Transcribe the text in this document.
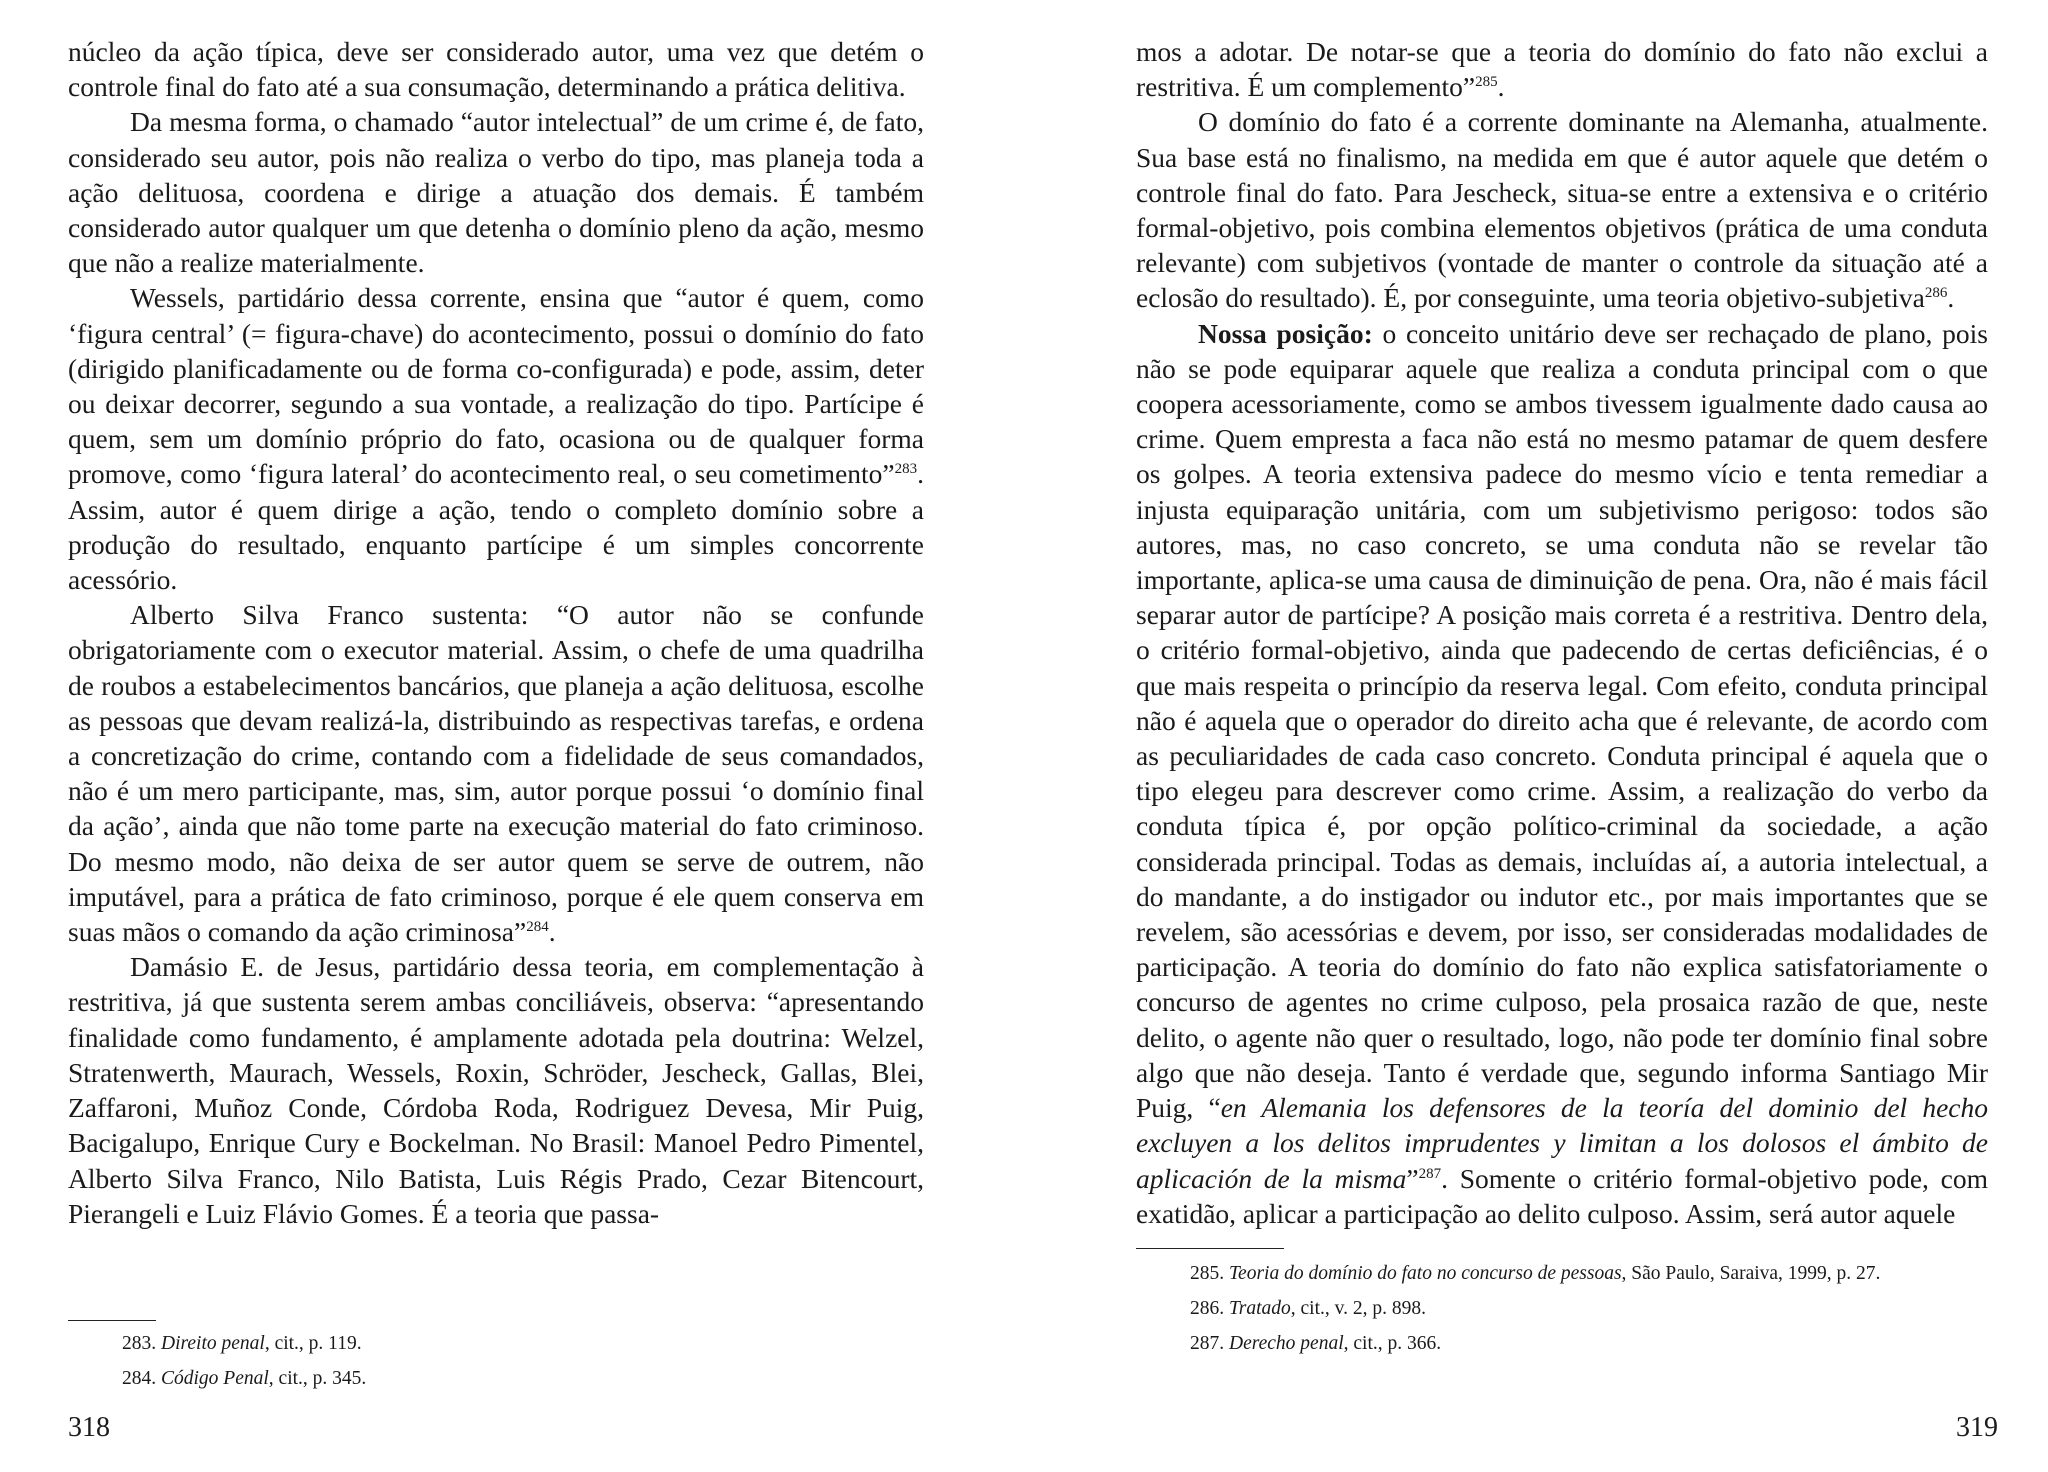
núcleo da ação típica, deve ser considerado autor, uma vez que detém o controle final do fato até a sua consumação, determinando a prática delitiva.

Da mesma forma, o chamado “autor intelectual” de um crime é, de fato, considerado seu autor, pois não realiza o verbo do tipo, mas planeja toda a ação delituosa, coordena e dirige a atuação dos demais. É também considerado autor qualquer um que detenha o domínio pleno da ação, mesmo que não a realize materialmente.

Wessels, partidário dessa corrente, ensina que “autor é quem, como ‘figura central’ (= figura-chave) do acontecimento, possui o domínio do fato (dirigido planificadamente ou de forma co-configurada) e pode, assim, deter ou deixar decorrer, segundo a sua vontade, a realização do tipo. Partícipe é quem, sem um domínio próprio do fato, ocasiona ou de qualquer forma promove, como ‘figura lateral’ do acontecimento real, o seu cometimento”$^{283}$. Assim, autor é quem dirige a ação, tendo o completo domínio sobre a produção do resultado, enquanto partícipe é um simples concorrente acessório.

Alberto Silva Franco sustenta: “O autor não se confunde obrigatoriamente com o executor material. Assim, o chefe de uma quadrilha de roubos a estabelecimentos bancários, que planeja a ação delituosa, escolhe as pessoas que devam realizá-la, distribuindo as respectivas tarefas, e ordena a concretização do crime, contando com a fidelidade de seus comandados, não é um mero participante, mas, sim, autor porque possui ‘o domínio final da ação’, ainda que não tome parte na execução material do fato criminoso. Do mesmo modo, não deixa de ser autor quem se serve de outrem, não imputável, para a prática de fato criminoso, porque é ele quem conserva em suas mãos o comando da ação criminosa”$^{284}$.

Damásio E. de Jesus, partidário dessa teoria, em complementação à restritiva, já que sustenta serem ambas conciliáveis, observa: “apresentando finalidade como fundamento, é amplamente adotada pela doutrina: Welzel, Stratenwerth, Maurach, Wessels, Roxin, Schröder, Jescheck, Gallas, Blei, Zaffaroni, Muñoz Conde, Córdoba Roda, Rodriguez Devesa, Mir Puig, Bacigalupo, Enrique Cury e Bockelman. No Brasil: Manoel Pedro Pimentel, Alberto Silva Franco, Nilo Batista, Luis Régis Prado, Cezar Bitencourt, Pierangeli e Luiz Flávio Gomes. É a teoria que passa-

283. Direito penal, cit., p. 119.

284. Código Penal, cit., p. 345.

318

mos a adotar. De notar-se que a teoria do domínio do fato não exclui a restritiva. É um complemento”$^{285}$.

O domínio do fato é a corrente dominante na Alemanha, atualmente. Sua base está no finalismo, na medida em que é autor aquele que detém o controle final do fato. Para Jescheck, situa-se entre a extensiva e o critério formal-objetivo, pois combina elementos objetivos (prática de uma conduta relevante) com subjetivos (vontade de manter o controle da situação até a eclosão do resultado). É, por conseguinte, uma teoria objetivo-subjetiva$^{286}$.

Nossa posição: o conceito unitário deve ser rechaçado de plano, pois não se pode equiparar aquele que realiza a conduta principal com o que coopera acessoriamente, como se ambos tivessem igualmente dado causa ao crime. Quem empresta a faca não está no mesmo patamar de quem desfere os golpes. A teoria extensiva padece do mesmo vício e tenta remediar a injusta equiparação unitária, com um subjetivismo perigoso: todos são autores, mas, no caso concreto, se uma conduta não se revelar tão importante, aplica-se uma causa de diminuição de pena. Ora, não é mais fácil separar autor de partícipe? A posição mais correta é a restritiva. Dentro dela, o critério formal-objetivo, ainda que padecendo de certas deficiências, é o que mais respeita o princípio da reserva legal. Com efeito, conduta principal não é aquela que o operador do direito acha que é relevante, de acordo com as peculiaridades de cada caso concreto. Conduta principal é aquela que o tipo elegeu para descrever como crime. Assim, a realização do verbo da conduta típica é, por opção político-criminal da sociedade, a ação considerada principal. Todas as demais, incluídas aí, a autoria intelectual, a do mandante, a do instigador ou indutor etc., por mais importantes que se revelem, são acessórias e devem, por isso, ser consideradas modalidades de participação. A teoria do domínio do fato não explica satisfatoriamente o concurso de agentes no crime culposo, pela prosaica razão de que, neste delito, o agente não quer o resultado, logo, não pode ter domínio final sobre algo que não deseja. Tanto é verdade que, segundo informa Santiago Mir Puig, “en Alemania los defensores de la teoría del dominio del hecho excluyen a los delitos imprudentes y limitan a los dolosos el ámbito de aplicación de la misma”$^{287}$. Somente o critério formal-objetivo pode, com exatidão, aplicar a participação ao delito culposo. Assim, será autor aquele

285. Teoria do domínio do fato no concurso de pessoas, São Paulo, Saraiva, 1999, p. 27.

286. Tratado, cit., v. 2, p. 898.

287. Derecho penal, cit., p. 366.

319
